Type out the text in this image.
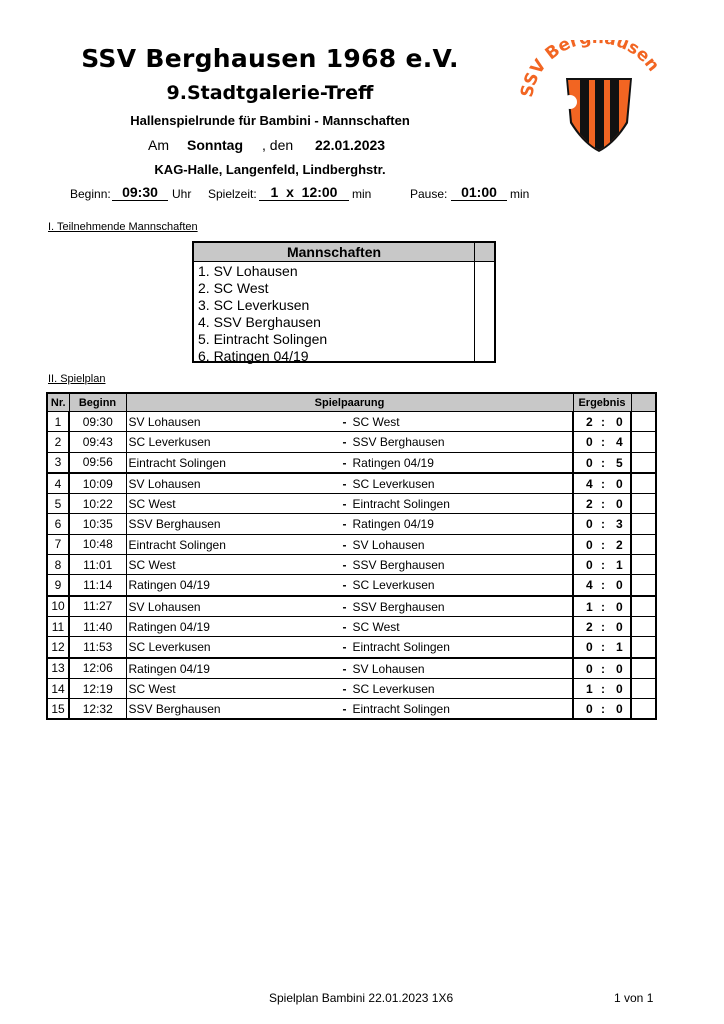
SSV Berghausen 1968 e.V.
9.Stadtgalerie-Treff
Hallenspielrunde für Bambini - Mannschaften
Am Sonntag , den 22.01.2023
KAG-Halle, Langenfeld, Lindberghstr.
Beginn: 09:30	Uhr Spielzeit: 1  x  12:00	min	Pause: 01:00	min
SV Ber usen
I. Teilnehmende Mannschaften
Mannschaften
1. SV Lohausen
2. SC West
3. SC Leverkusen
4. SSV Berghausen
5. Eintracht Solingen
6. Ratingen 04/19
II. Spielplan
Nr.	Beginn	Spielpaarung	Ergebnis	
1	09:30	SV Lohausen - SC West	2 : 0	

2	09:43	SC Leverkusen - SSV Berghausen	0 : 4	

3	09:56	Eintracht Solingen - Ratingen 04/19	0 : 5	

4	10:09	SV Lohausen - SC Leverkusen	4 : 0	

5	10:22	SC West - Eintracht Solingen	2 : 0	

6	10:35	SSV Berghausen - Ratingen 04/19	0 : 3	

7	10:48	Eintracht Solingen - SV Lohausen	0 : 2	

8	11:01	SC West - SSV Berghausen	0 : 1	

9	11:14	Ratingen 04/19 - SC Leverkusen	4 : 0	

10	11:27	SV Lohausen - SSV Berghausen	1 : 0	

11	11:40	Ratingen 04/19 - SC West	2 : 0	

12	11:53	SC Leverkusen - Eintracht Solingen	0 : 1	

13	12:06	Ratingen 04/19 - SV Lohausen	0 : 0	

14	12:19	SC West - SC Leverkusen	1 : 0	

15	12:32	SSV Berghausen - Eintracht Solingen	0 : 0	

Spielplan Bambini 22.01.2023 1X6	1 von 1
